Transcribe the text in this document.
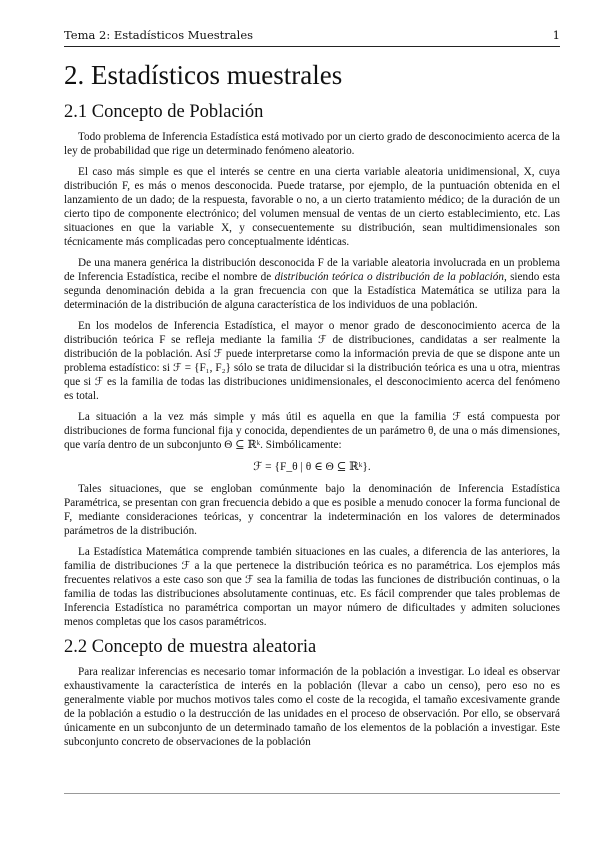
Tema 2: Estadísticos Muestrales	1
2. Estadísticos muestrales
2.1 Concepto de Población

Todo problema de Inferencia Estadística está motivado por un cierto grado de desconocimiento acerca de la ley de probabilidad que rige un determinado fenómeno aleatorio.

El caso más simple es que el interés se centre en una cierta variable aleatoria unidimensional, X, cuya distribución F, es más o menos desconocida. Puede tratarse, por ejemplo, de la puntuación obtenida en el lanzamiento de un dado; de la respuesta, favorable o no, a un cierto tratamiento médico; de la duración de un cierto tipo de componente electrónico; del volumen mensual de ventas de un cierto establecimiento, etc. Las situaciones en que la variable X, y consecuentemente su distribución, sean multidimensionales son técnicamente más complicadas pero conceptualmente idénticas.

De una manera genérica la distribución desconocida F de la variable aleatoria involucrada en un problema de Inferencia Estadística, recibe el nombre de distribución teórica o distribución de la población, siendo esta segunda denominación debida a la gran frecuencia con que la Estadística Matemática se utiliza para la determinación de la distribución de alguna característica de los individuos de una población.

En los modelos de Inferencia Estadística, el mayor o menor grado de desconocimiento acerca de la distribución teórica F se refleja mediante la familia ℱ de distribuciones, candidatas a ser realmente la distribución de la población. Así ℱ puede interpretarse como la información previa de que se dispone ante un problema estadístico: si ℱ = {F₁, F₂} sólo se trata de dilucidar si la distribución teórica es una u otra, mientras que si ℱ es la familia de todas las distribuciones unidimensionales, el desconocimiento acerca del fenómeno es total.

La situación a la vez más simple y más útil es aquella en que la familia ℱ está compuesta por distribuciones de forma funcional fija y conocida, dependientes de un parámetro θ, de una o más dimensiones, que varía dentro de un subconjunto Θ ⊆ ℝᵏ. Simbólicamente:

ℱ = {F_θ | θ ∈ Θ ⊆ ℝᵏ}.

Tales situaciones, que se engloban comúnmente bajo la denominación de Inferencia Estadística Paramétrica, se presentan con gran frecuencia debido a que es posible a menudo conocer la forma funcional de F, mediante consideraciones teóricas, y concentrar la indeterminación en los valores de determinados parámetros de la distribución.

La Estadística Matemática comprende también situaciones en las cuales, a diferencia de las anteriores, la familia de distribuciones ℱ a la que pertenece la distribución teórica es no paramétrica. Los ejemplos más frecuentes relativos a este caso son que ℱ sea la familia de todas las funciones de distribución continuas, o la familia de todas las distribuciones absolutamente continuas, etc. Es fácil comprender que tales problemas de Inferencia Estadística no paramétrica comportan un mayor número de dificultades y admiten soluciones menos completas que los casos paramétricos.

2.2 Concepto de muestra aleatoria

Para realizar inferencias es necesario tomar información de la población a investigar. Lo ideal es observar exhaustivamente la característica de interés en la población (llevar a cabo un censo), pero eso no es generalmente viable por muchos motivos tales como el coste de la recogida, el tamaño excesivamente grande de la población a estudio o la destrucción de las unidades en el proceso de observación. Por ello, se observará únicamente en un subconjunto de un determinado tamaño de los elementos de la población a investigar. Este subconjunto concreto de observaciones de la población
